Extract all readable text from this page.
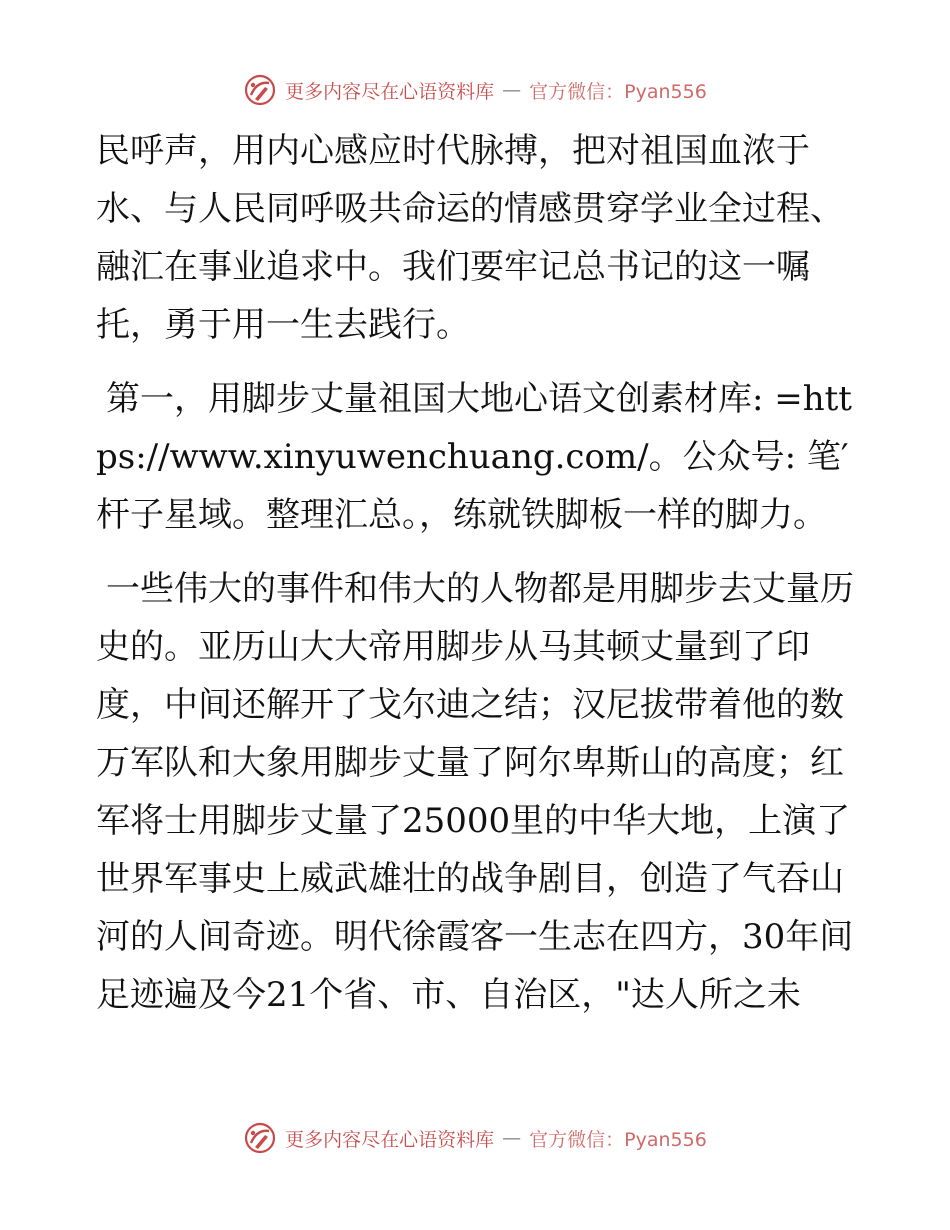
更多内容尽在心语资料库 — 官方微信：Pyan556

民呼声，用内心感应时代脉搏，把对祖国血浓于水、与人民同呼吸共命运的情感贯穿学业全过程、融汇在事业追求中。我们要牢记总书记的这一嘱托，勇于用一生去践行。

第一，用脚步丈量祖国大地心语文创素材库: =https://www.xinyuwenchuang.com/。公众号: 笔′杆子星域。整理汇总。，练就铁脚板一样的脚力。

一些伟大的事件和伟大的人物都是用脚步去丈量历史的。亚历山大大帝用脚步从马其顿丈量到了印度，中间还解开了戈尔迪之结；汉尼拔带着他的数万军队和大象用脚步丈量了阿尔卑斯山的高度；红军将士用脚步丈量了25000里的中华大地，上演了世界军事史上威武雄壮的战争剧目，创造了气吞山河的人间奇迹。明代徐霞客一生志在四方，30年间足迹遍及今21个省、市、自治区，"达人所之未

更多内容尽在心语资料库 — 官方微信：Pyan556
